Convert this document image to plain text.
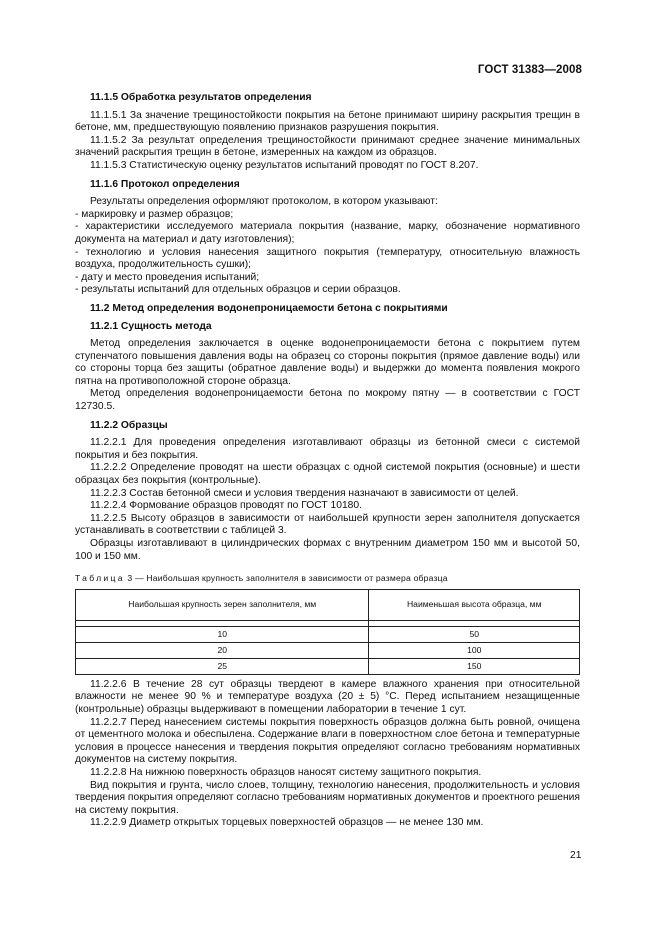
ГОСТ 31383—2008

11.1.5 Обработка результатов определения

11.1.5.1 За значение трещиностойкости покрытия на бетоне принимают ширину раскрытия трещин в бетоне, мм, предшествующую появлению признаков разрушения покрытия.

11.1.5.2 За результат определения трещиностойкости принимают среднее значение минимальных значений раскрытия трещин в бетоне, измеренных на каждом из образцов.

11.1.5.3 Статистическую оценку результатов испытаний проводят по ГОСТ 8.207.

11.1.6 Протокол определения

Результаты определения оформляют протоколом, в котором указывают:

- маркировку и размер образцов;

- характеристики исследуемого материала покрытия (название, марку, обозначение нормативного документа на материал и дату изготовления);

- технологию и условия нанесения защитного покрытия (температуру, относительную влажность воздуха, продолжительность сушки);

- дату и место проведения испытаний;

- результаты испытаний для отдельных образцов и серии образцов.

11.2 Метод определения водонепроницаемости бетона с покрытиями

11.2.1 Сущность метода

Метод определения заключается в оценке водонепроницаемости бетона с покрытием путем ступенчатого повышения давления воды на образец со стороны покрытия (прямое давление воды) или со стороны торца без защиты (обратное давление воды) и выдержки до момента появления мокрого пятна на противоположной стороне образца.

Метод определения водонепроницаемости бетона по мокрому пятну — в соответствии с ГОСТ 12730.5.

11.2.2 Образцы

11.2.2.1 Для проведения определения изготавливают образцы из бетонной смеси с системой покрытия и без покрытия.

11.2.2.2 Определение проводят на шести образцах с одной системой покрытия (основные) и шести образцах без покрытия (контрольные).

11.2.2.3 Состав бетонной смеси и условия твердения назначают в зависимости от целей.

11.2.2.4 Формование образцов проводят по ГОСТ 10180.

11.2.2.5 Высоту образцов в зависимости от наибольшей крупности зерен заполнителя допускается устанавливать в соответствии с таблицей 3.

Образцы изготавливают в цилиндрических формах с внутренним диаметром 150 мм и высотой 50, 100 и 150 мм.

Таблица 3 — Наибольшая крупность заполнителя в зависимости от размера образца

Наибольшая крупность зерен заполнителя, мм	Наименьшая высота образца, мм

10	50
20	100
25	150

11.2.2.6 В течение 28 сут образцы твердеют в камере влажного хранения при относительной влажности не менее 90 % и температуре воздуха (20 ± 5) °С. Перед испытанием незащищенные (контрольные) образцы выдерживают в помещении лаборатории в течение 1 сут.

11.2.2.7 Перед нанесением системы покрытия поверхность образцов должна быть ровной, очищена от цементного молока и обеспылена. Содержание влаги в поверхностном слое бетона и температурные условия в процессе нанесения и твердения покрытия определяют согласно требованиям нормативных документов на систему покрытия.

11.2.2.8 На нижнюю поверхность образцов наносят систему защитного покрытия.

Вид покрытия и грунта, число слоев, толщину, технологию нанесения, продолжительность и условия твердения покрытия определяют согласно требованиям нормативных документов и проектного решения на систему покрытия.

11.2.2.9 Диаметр открытых торцевых поверхностей образцов — не менее 130 мм.

21
